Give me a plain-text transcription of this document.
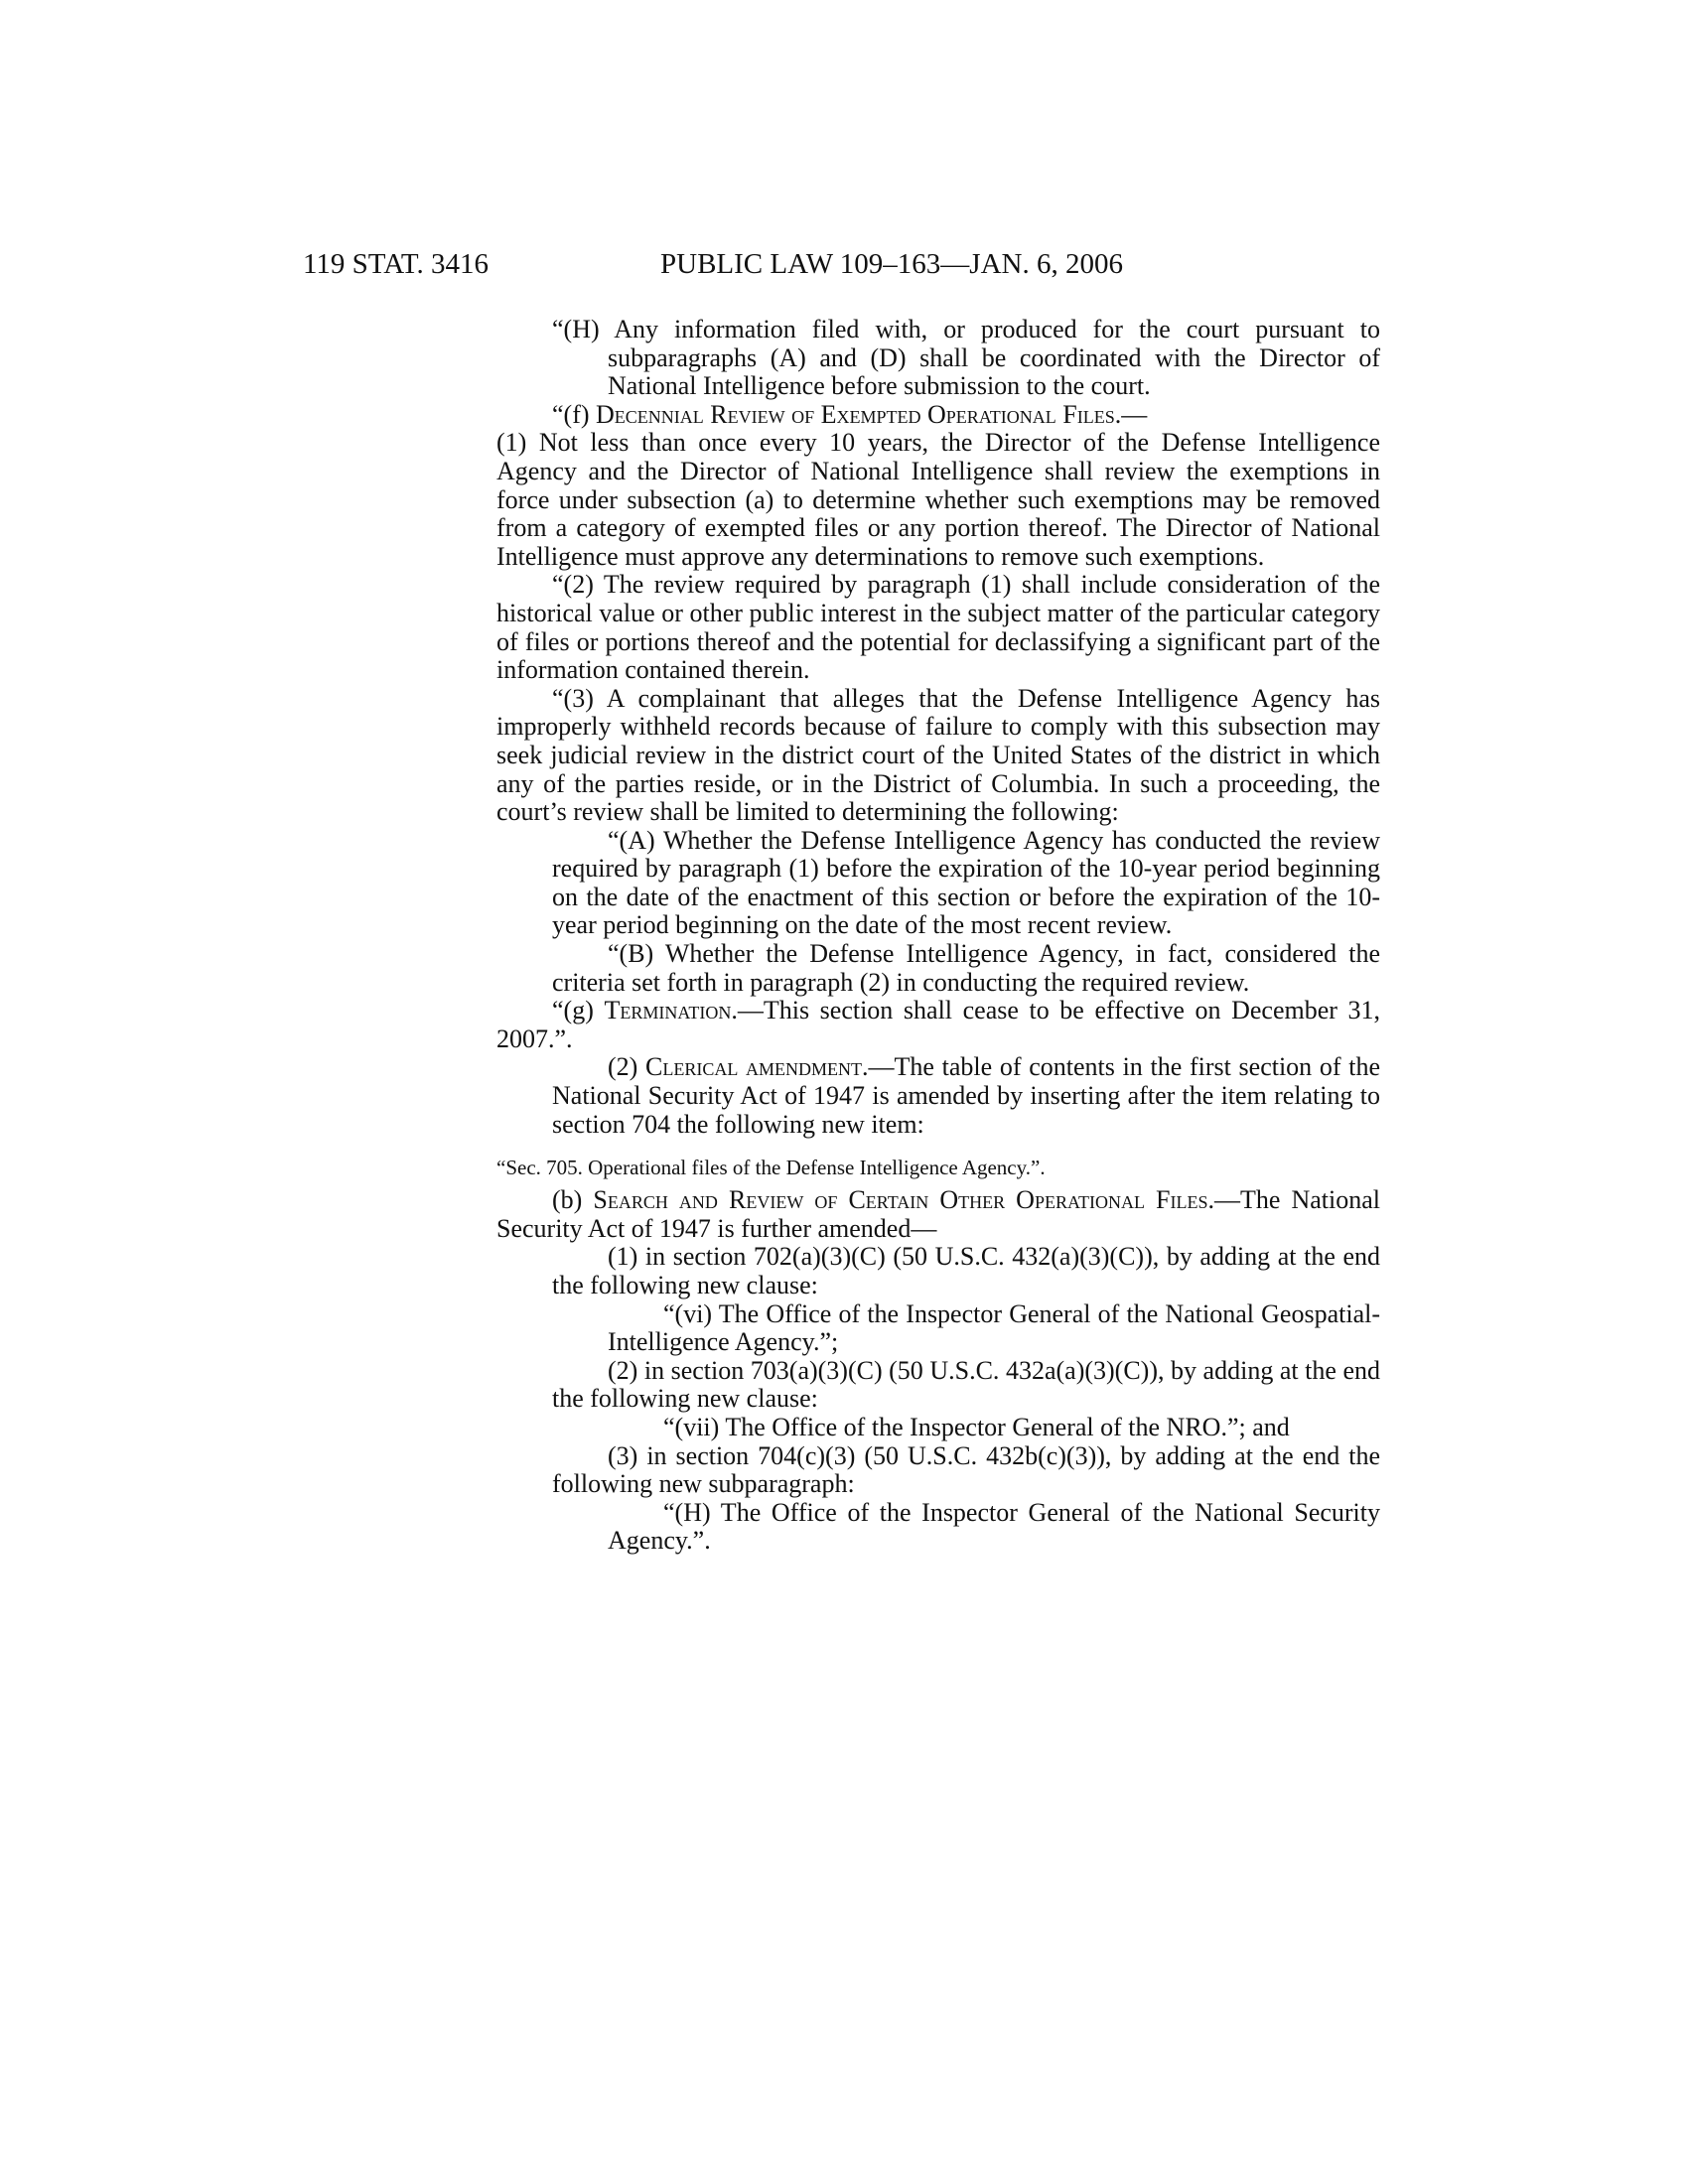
119 STAT. 3416	PUBLIC LAW 109–163—JAN. 6, 2006

“(H) Any information filed with, or produced for the court pursuant to subparagraphs (A) and (D) shall be coordinated with the Director of National Intelligence before submission to the court.

“(f) Decennial Review of Exempted Operational Files.—

(1) Not less than once every 10 years, the Director of the Defense Intelligence Agency and the Director of National Intelligence shall review the exemptions in force under subsection (a) to determine whether such exemptions may be removed from a category of exempted files or any portion thereof. The Director of National Intelligence must approve any determinations to remove such exemptions.

“(2) The review required by paragraph (1) shall include consideration of the historical value or other public interest in the subject matter of the particular category of files or portions thereof and the potential for declassifying a significant part of the information contained therein.

“(3) A complainant that alleges that the Defense Intelligence Agency has improperly withheld records because of failure to comply with this subsection may seek judicial review in the district court of the United States of the district in which any of the parties reside, or in the District of Columbia. In such a proceeding, the court’s review shall be limited to determining the following:

“(A) Whether the Defense Intelligence Agency has conducted the review required by paragraph (1) before the expiration of the 10-year period beginning on the date of the enactment of this section or before the expiration of the 10-year period beginning on the date of the most recent review.

“(B) Whether the Defense Intelligence Agency, in fact, considered the criteria set forth in paragraph (2) in conducting the required review.

“(g) Termination.—This section shall cease to be effective on December 31, 2007.”.

(2) Clerical amendment.—The table of contents in the first section of the National Security Act of 1947 is amended by inserting after the item relating to section 704 the following new item:

“Sec. 705. Operational files of the Defense Intelligence Agency.”.

(b) Search and Review of Certain Other Operational Files.—The National Security Act of 1947 is further amended—

(1) in section 702(a)(3)(C) (50 U.S.C. 432(a)(3)(C)), by adding at the end the following new clause:

“(vi) The Office of the Inspector General of the National Geospatial-Intelligence Agency.”;

(2) in section 703(a)(3)(C) (50 U.S.C. 432a(a)(3)(C)), by adding at the end the following new clause:

“(vii) The Office of the Inspector General of the NRO.”; and

(3) in section 704(c)(3) (50 U.S.C. 432b(c)(3)), by adding at the end the following new subparagraph:

“(H) The Office of the Inspector General of the National Security Agency.”.
